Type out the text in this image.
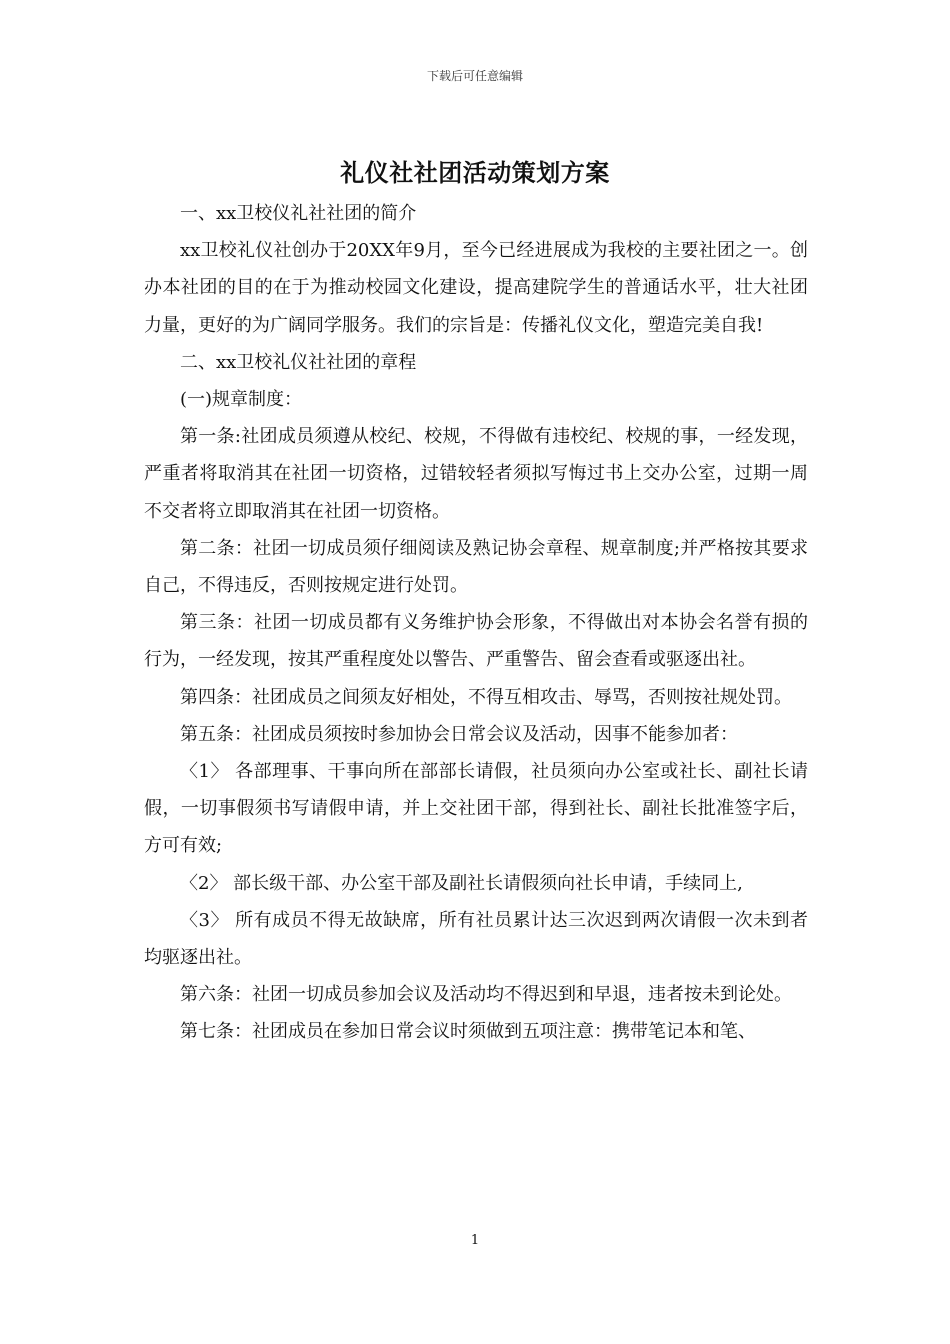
下载后可任意编辑
礼仪社社团活动策划方案

一、xx卫校仪礼社社团的简介

xx卫校礼仪社创办于20XX年9月，至今已经进展成为我校的主要社团之一。创办本社团的目的在于为推动校园文化建设，提高建院学生的普通话水平，壮大社团力量，更好的为广阔同学服务。我们的宗旨是：传播礼仪文化，塑造完美自我!

二、xx卫校礼仪社社团的章程

(一)规章制度：

第一条:社团成员须遵从校纪、校规，不得做有违校纪、校规的事，一经发现，严重者将取消其在社团一切资格，过错较轻者须拟写悔过书上交办公室，过期一周不交者将立即取消其在社团一切资格。

第二条：社团一切成员须仔细阅读及熟记协会章程、规章制度;并严格按其要求自己，不得违反，否则按规定进行处罚。

第三条：社团一切成员都有义务维护协会形象，不得做出对本协会名誉有损的行为，一经发现，按其严重程度处以警告、严重警告、留会查看或驱逐出社。

第四条：社团成员之间须友好相处，不得互相攻击、辱骂，否则按社规处罚。

第五条：社团成员须按时参加协会日常会议及活动，因事不能参加者：

〈1〉 各部理事、干事向所在部部长请假，社员须向办公室或社长、副社长请假，一切事假须书写请假申请，并上交社团干部，得到社长、副社长批准签字后，方可有效;

〈2〉 部长级干部、办公室干部及副社长请假须向社长申请，手续同上,

〈3〉 所有成员不得无故缺席，所有社员累计达三次迟到两次请假一次未到者均驱逐出社。

第六条：社团一切成员参加会议及活动均不得迟到和早退，违者按未到论处。

第七条：社团成员在参加日常会议时须做到五项注意：携带笔记本和笔、

1
